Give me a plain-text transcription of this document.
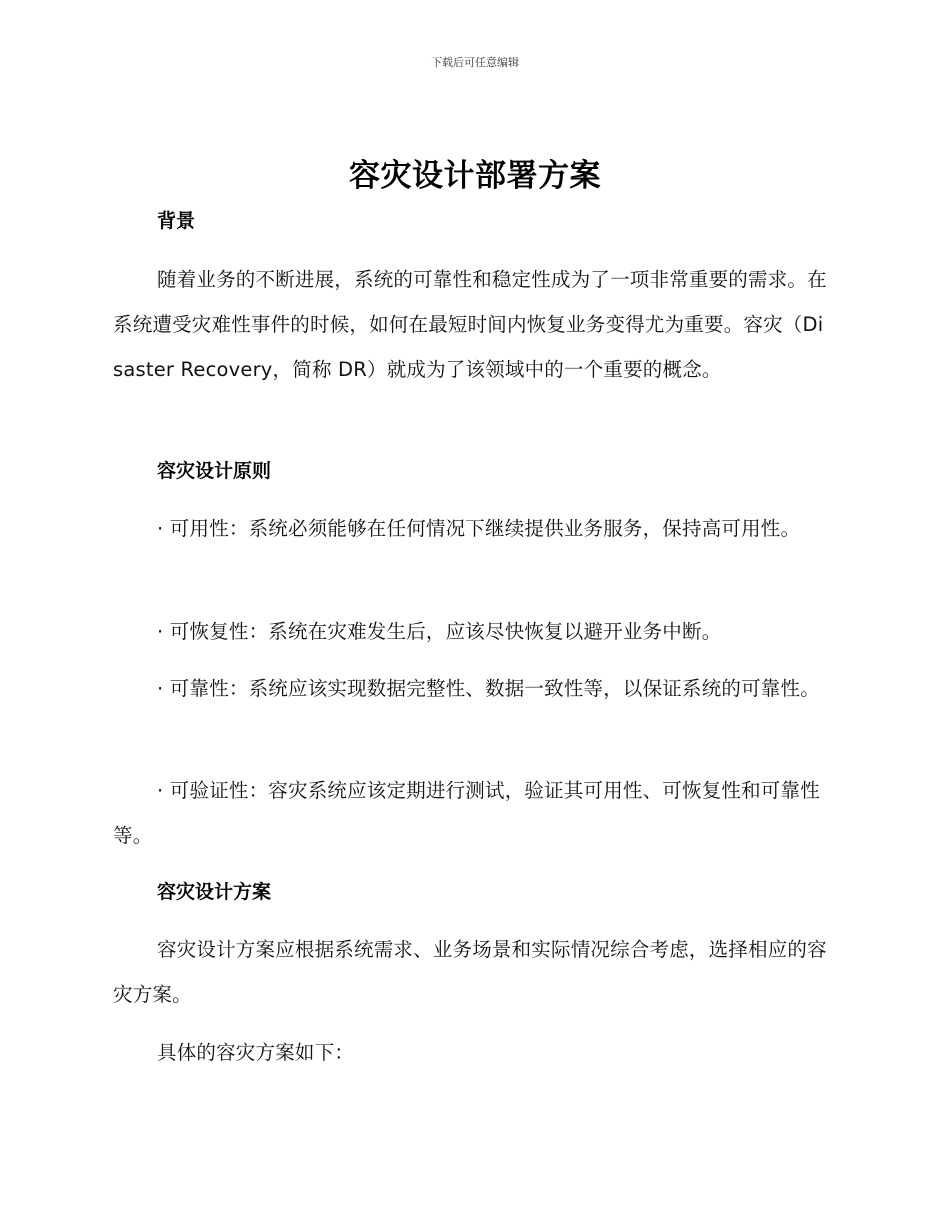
下载后可任意编辑
容灾设计部署方案
背景
随着业务的不断进展，系统的可靠性和稳定性成为了一项非常重要的需求。在系统遭受灾难性事件的时候，如何在最短时间内恢复业务变得尤为重要。容灾（Disaster Recovery，简称 DR）就成为了该领域中的一个重要的概念。
容灾设计原则
· 可用性：系统必须能够在任何情况下继续提供业务服务，保持高可用性。
· 可恢复性：系统在灾难发生后，应该尽快恢复以避开业务中断。
· 可靠性：系统应该实现数据完整性、数据一致性等，以保证系统的可靠性。
· 可验证性：容灾系统应该定期进行测试，验证其可用性、可恢复性和可靠性等。
容灾设计方案
容灾设计方案应根据系统需求、业务场景和实际情况综合考虑，选择相应的容灾方案。
具体的容灾方案如下：
